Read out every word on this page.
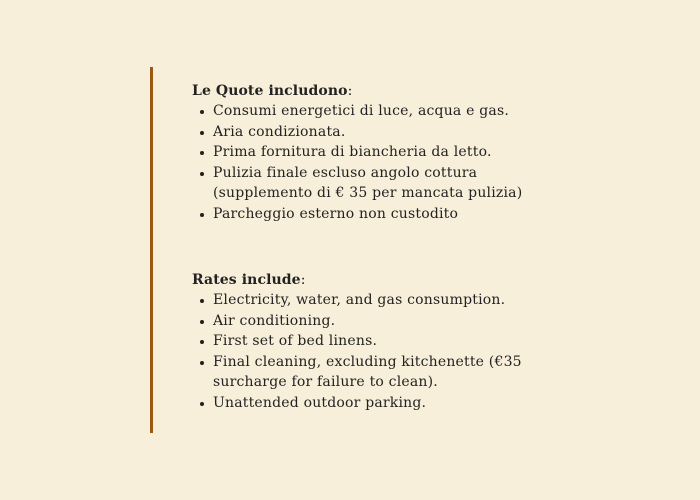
Le Quote includono:

Consumi energetici di luce, acqua e gas.
Aria condizionata.
Prima fornitura di biancheria da letto.
Pulizia finale escluso angolo cottura
(supplemento di € 35 per mancata pulizia)
Parcheggio esterno non custodito

Rates include:

Electricity, water, and gas consumption.
Air conditioning.
First set of bed linens.
Final cleaning, excluding kitchenette (€35
surcharge for failure to clean).
Unattended outdoor parking.
